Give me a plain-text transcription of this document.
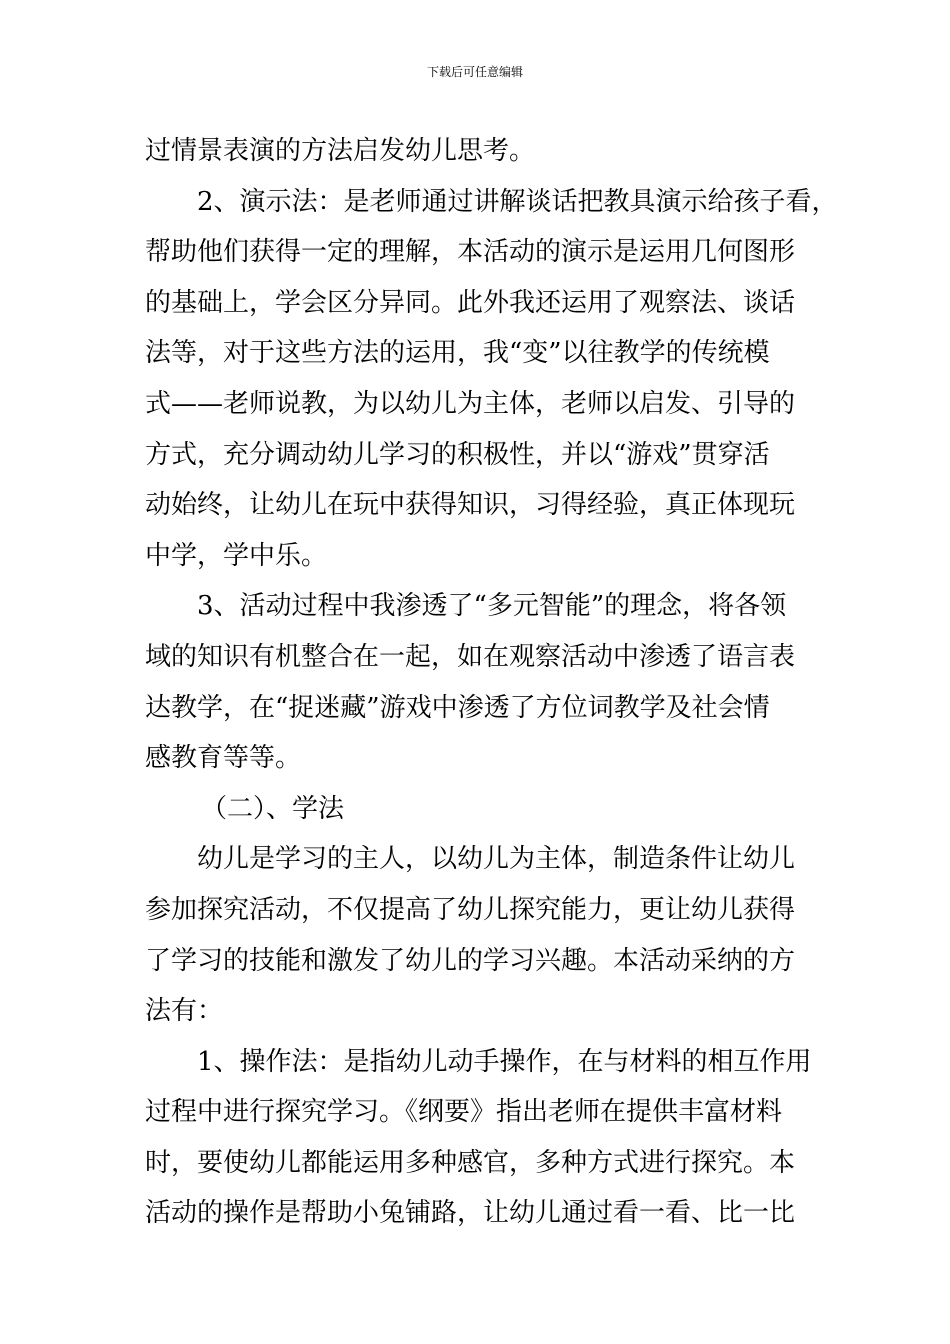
下载后可任意编辑
过情景表演的方法启发幼儿思考。
2、演示法：是老师通过讲解谈话把教具演示给孩子看，
帮助他们获得一定的理解，本活动的演示是运用几何图形
的基础上，学会区分异同。此外我还运用了观察法、谈话
法等，对于这些方法的运用，我“变”以往教学的传统模
式——老师说教，为以幼儿为主体，老师以启发、引导的
方式，充分调动幼儿学习的积极性，并以“游戏”贯穿活
动始终，让幼儿在玩中获得知识，习得经验，真正体现玩
中学，学中乐。
3、活动过程中我渗透了“多元智能”的理念，将各领
域的知识有机整合在一起，如在观察活动中渗透了语言表
达教学，在“捉迷藏”游戏中渗透了方位词教学及社会情
感教育等等。
（二）、学法
幼儿是学习的主人，以幼儿为主体，制造条件让幼儿
参加探究活动，不仅提高了幼儿探究能力，更让幼儿获得
了学习的技能和激发了幼儿的学习兴趣。本活动采纳的方
法有：
1、操作法：是指幼儿动手操作，在与材料的相互作用
过程中进行探究学习。《纲要》指出老师在提供丰富材料
时，要使幼儿都能运用多种感官，多种方式进行探究。本
活动的操作是帮助小兔铺路，让幼儿通过看一看、比一比
